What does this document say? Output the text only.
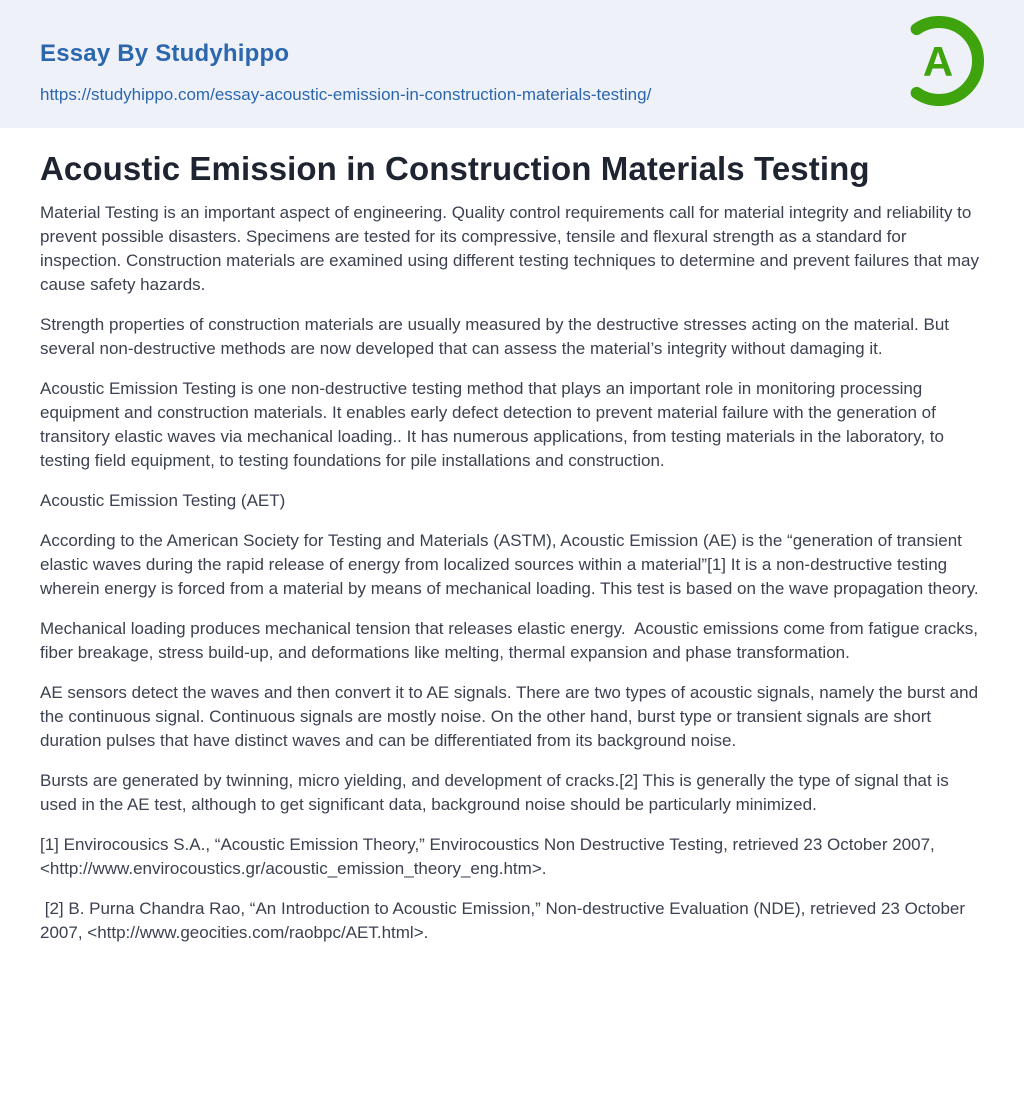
Essay By Studyhippo
https://studyhippo.com/essay-acoustic-emission-in-construction-materials-testing/
A
Acoustic Emission in Construction Materials Testing

Material Testing is an important aspect of engineering. Quality control requirements call for material integrity and reliability to prevent possible disasters. Specimens are tested for its compressive, tensile and flexural strength as a standard for inspection. Construction materials are examined using different testing techniques to determine and prevent failures that may cause safety hazards.

Strength properties of construction materials are usually measured by the destructive stresses acting on the material. But several non-destructive methods are now developed that can assess the material’s integrity without damaging it.

Acoustic Emission Testing is one non-destructive testing method that plays an important role in monitoring processing equipment and construction materials. It enables early defect detection to prevent material failure with the generation of transitory elastic waves via mechanical loading.. It has numerous applications, from testing materials in the laboratory, to testing field equipment, to testing foundations for pile installations and construction.

Acoustic Emission Testing (AET)

According to the American Society for Testing and Materials (ASTM), Acoustic Emission (AE) is the “generation of transient elastic waves during the rapid release of energy from localized sources within a material”[1] It is a non-destructive testing wherein energy is forced from a material by means of mechanical loading. This test is based on the wave propagation theory.

Mechanical loading produces mechanical tension that releases elastic energy.  Acoustic emissions come from fatigue cracks, fiber breakage, stress build-up, and deformations like melting, thermal expansion and phase transformation.

AE sensors detect the waves and then convert it to AE signals. There are two types of acoustic signals, namely the burst and the continuous signal. Continuous signals are mostly noise. On the other hand, burst type or transient signals are short duration pulses that have distinct waves and can be differentiated from its background noise.

Bursts are generated by twinning, micro yielding, and development of cracks.[2] This is generally the type of signal that is used in the AE test, although to get significant data, background noise should be particularly minimized.

[1] Envirocousics S.A., “Acoustic Emission Theory,” Envirocoustics Non Destructive Testing, retrieved 23 October 2007, <http://www.envirocoustics.gr/acoustic_emission_theory_eng.htm>.

[2] B. Purna Chandra Rao, “An Introduction to Acoustic Emission,” Non-destructive Evaluation (NDE), retrieved 23 October 2007, <http://www.geocities.com/raobpc/AET.html>.
